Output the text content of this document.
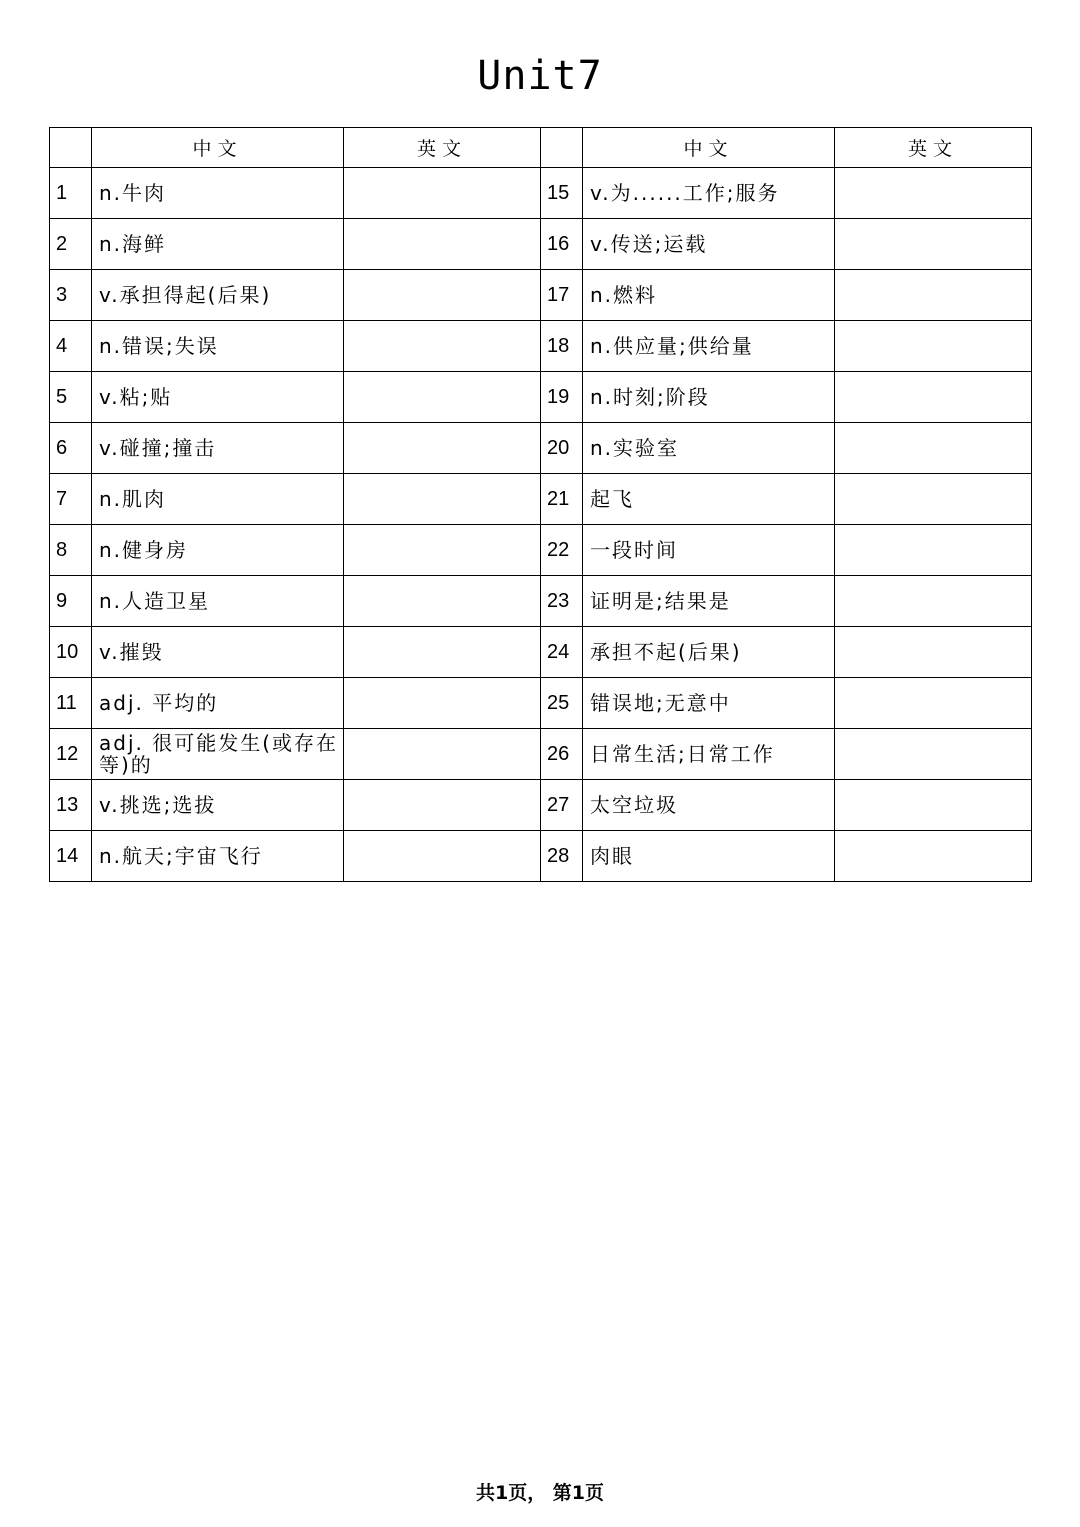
Unit7
	中文	英文		中文	英文
1	n.牛肉		15	v.为......工作;服务	
2	n.海鲜		16	v.传送;运载	
3	v.承担得起(后果)		17	n.燃料	
4	n.错误;失误		18	n.供应量;供给量	
5	v.粘;贴		19	n.时刻;阶段	
6	v.碰撞;撞击		20	n.实验室	
7	n.肌肉		21	起飞	
8	n.健身房		22	一段时间	
9	n.人造卫星		23	证明是;结果是	
10	v.摧毁		24	承担不起(后果)	
11	adj. 平均的		25	错误地;无意中	
12	adj. 很可能发生(或存在等)的		26	日常生活;日常工作	
13	v.挑选;选拔		27	太空垃圾	
14	n.航天;宇宙飞行		28	肉眼	
共1页， 第1页
